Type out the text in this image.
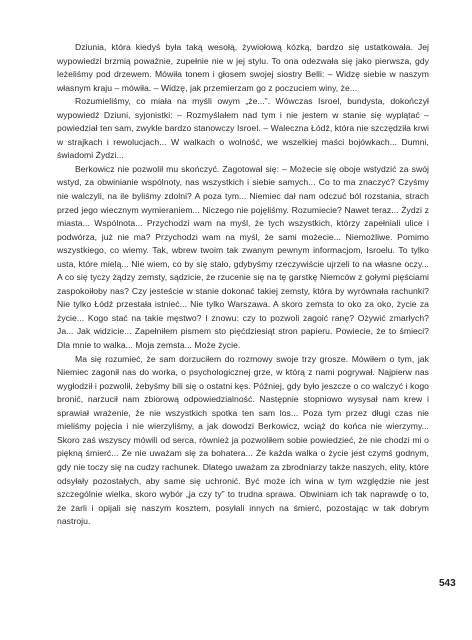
Dziunia, która kiedyś była taką wesołą, żywiołową kózką, bardzo się ustatkowała. Jej wypowiedzi brzmią poważnie, zupełnie nie w jej stylu. To ona odezwała się jako pierwsza, gdy leżeliśmy pod drzewem. Mówiła tonem i głosem swojej siostry Belli: – Widzę siebie w naszym własnym kraju – mówiła. – Widzę, jak przemierzam go z poczuciem winy, że...

Rozumieliśmy, co miała na myśli owym „że...”. Wówczas Isroel, bundysta, dokończył wypowiedź Dziuni, syjonistki: – Rozmyślałem nad tym i nie jestem w stanie się wyplątać – powiedział ten sam, zwykle bardzo stanowczy Isroel. – Waleczna Łódź, która nie szczędziła krwi w strajkach i rewolucjach... W walkach o wolność, we wszelkiej maści bojówkach... Dumni, świadomi Żydzi...

Berkowicz nie pozwolił mu skończyć. Zagotował się: – Możecie się oboje wstydzić za swój wstyd, za obwinianie wspólnoty, nas wszystkich i siebie samych... Co to ma znaczyć? Czyśmy nie walczyli, na ile byliśmy zdolni? A poza tym... Niemiec dał nam odczuć ból rozstania, strach przed jego wiecznym wymieraniem... Niczego nie pojęliśmy. Rozumiecie? Nawet teraz... Żydzi z miasta... Wspólnota... Przychodzi wam na myśl, że tych wszystkich, którzy zapełniali ulice i podwórza, już nie ma? Przychodzi wam na myśl, że sami możecie... Niemożliwe. Pomimo wszystkiego, co wiemy. Tak, wbrew twoim tak zwanym pewnym informacjom, Isroelu. To tylko usta, które mielą... Nie wiem, co by się stało, gdybyśmy rzeczywiście ujrzeli to na własne oczy... A co się tyczy żądzy zemsty, sądzicie, że rzucenie się na tę garstkę Niemców z gołymi pięściami zaspokoiłoby nas? Czy jesteście w stanie dokonać takiej zemsty, która by wyrównała rachunki? Nie tylko Łódź przestała istnieć... Nie tylko Warszawa. A skoro zemsta to oko za oko, życie za życie... Kogo stać na takie męstwo? I znowu: czy to pozwoli zagoić ranę? Ożywić zmarłych? Ja... Jak widzicie... Zapełniłem pismem sto pięćdziesiąt stron papieru. Powiecie, że to śmieci? Dla mnie to walka... Moja zemsta... Może życie.

Ma się rozumieć, że sam dorzuciłem do rozmowy swoje trzy grosze. Mówiłem o tym, jak Niemiec zagonił nas do worka, o psychologicznej grze, w którą z nami pogrywał. Najpierw nas wygłodził i pozwolił, żebyśmy bili się o ostatni kęs. Później, gdy było jeszcze o co walczyć i kogo bronić, narzucił nam zbiorową odpowiedzialność. Następnie stopniowo wysysał nam krew i sprawiał wrażenie, że nie wszystkich spotka ten sam los... Poza tym przez długi czas nie mieliśmy pojęcia i nie wierzyliśmy, a jak dowodzi Berkowicz, wciąż do końca nie wierzymy... Skoro zaś wszyscy mówili od serca, również ja pozwoliłem sobie powiedzieć, że nie chodzi mi o piękną śmierć... Że nie uważam się za bohatera... Że każda walka o życie jest czymś godnym, gdy nie toczy się na cudzy rachunek. Dlatego uważam za zbrodniarzy także naszych, elity, które odsyłały pozostałych, aby same się uchronić. Być może ich wina w tym względzie nie jest szczególnie wielka, skoro wybór „ja czy ty” to trudna sprawa. Obwiniam ich tak naprawdę o to, że żarli i opijali się naszym kosztem, posyłali innych na śmierć, pozostając w tak dobrym nastroju.

543
